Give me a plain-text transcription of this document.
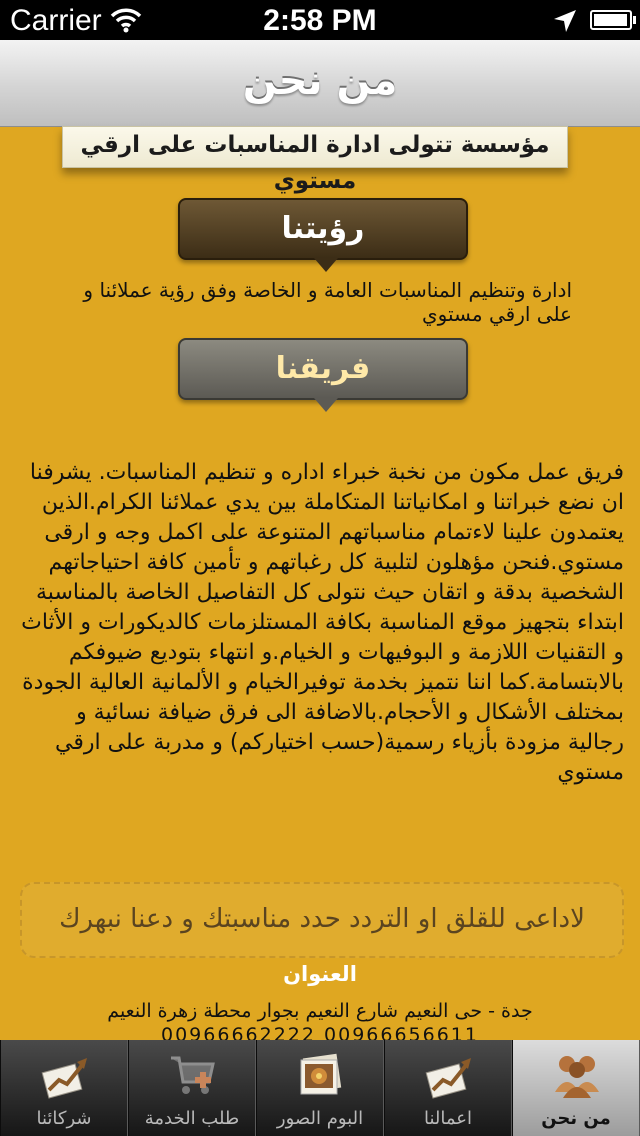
Carrier	2:58 PM
من نحن
مؤسسة تتولى ادارة المناسبات على ارقي مستوي
رؤيتنا
ادارة وتنظيم المناسبات العامة و الخاصة وفق رؤية عملائنا و على ارقي مستوي
فريقنا
فريق عمل مكون من نخبة خبراء اداره و تنظيم المناسبات. يشرفنا ان نضع خبراتنا و امكانياتنا المتكاملة بين يدي عملائنا الكرام.الذين يعتمدون علينا لاءتمام مناسباتهم المتنوعة على اكمل وجه و ارقى مستوي.فنحن مؤهلون لتلبية كل رغباتهم و تأمين كافة احتياجاتهم الشخصية بدقة و اتقان حيث نتولى كل التفاصيل الخاصة بالمناسبة ابتداء بتجهيز موقع المناسبة بكافة المستلزمات كالديكورات و الأثاث و التقنيات اللازمة و البوفيهات و الخيام.و انتهاء بتوديع ضيوفكم بالابتسامة.كما اننا نتميز بخدمة توفيرالخيام و الألمانية العالية الجودة بمختلف الأشكال و الأحجام.بالاضافة الى فرق ضيافة نسائية و رجالية مزودة بأزياء رسمية(حسب اختياركم) و مدربة على ارقي مستوي
لاداعى للقلق او التردد حدد مناسبتك و دعنا نبهرك
العنوان
جدة - حى النعيم شارع النعيم بجوار محطة زهرة النعيم
00966662222 00966656611
شركائنا	طلب الخدمة	البوم الصور	اعمالنا	من نحن
